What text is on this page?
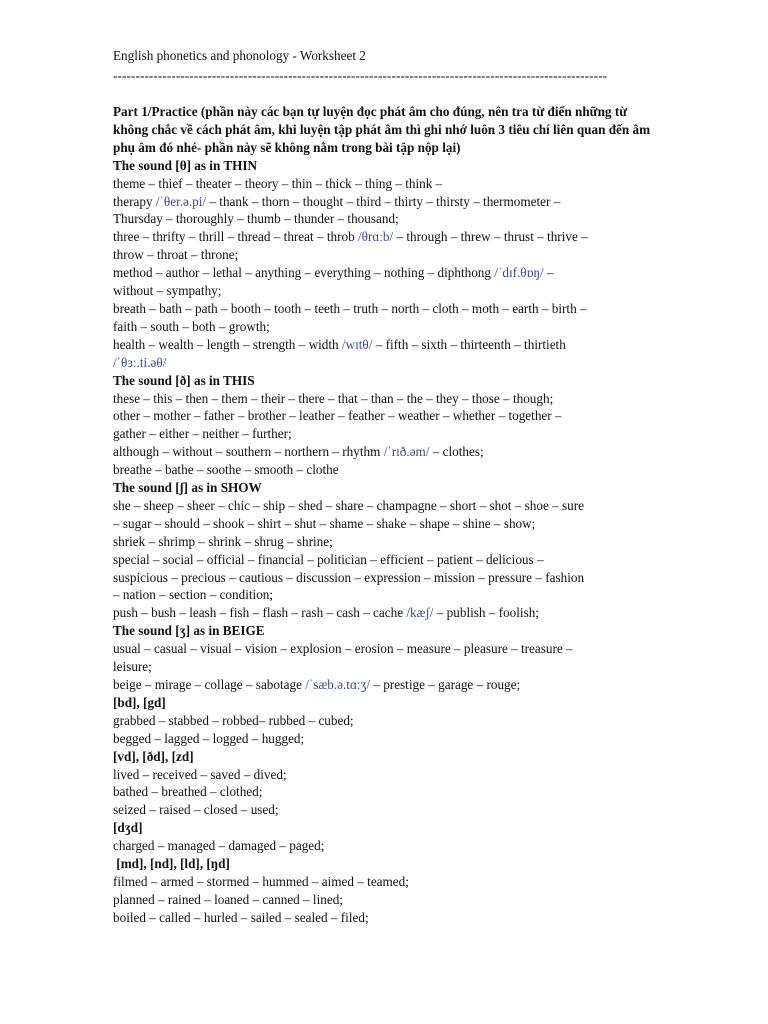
English phonetics and phonology - Worksheet 2

--------------------------------------------------------------------------------------------------------------

Part 1/Practice (phần này các bạn tự luyện đọc phát âm cho đúng, nên tra từ điển những từ không chắc về cách phát âm, khi luyện tập phát âm thì ghi nhớ luôn 3 tiêu chí liên quan đến âm phụ âm đó nhé- phần này sẽ không nằm trong bài tập nộp lại)

The sound [θ] as in THIN

theme – thief – theater – theory – thin – thick – thing – think –

therapy /ˈθer.ə.pi/ – thank – thorn – thought – third – thirty – thirsty – thermometer –

Thursday – thoroughly – thumb – thunder – thousand;

three – thrifty – thrill – thread – threat – throb /θrɑːb/ – through – threw – thrust – thrive –

throw – throat – throne;

method – author – lethal – anything – everything – nothing – diphthong /ˈdɪf.θɒŋ/ –

without – sympathy;

breath – bath – path – booth – tooth – teeth – truth – north – cloth – moth – earth – birth –

faith – south – both – growth;

health – wealth – length – strength – width /wɪtθ/ – fifth – sixth – thirteenth – thirtieth

/ˈθɜː.ti.əθ/

The sound [ð] as in THIS

these – this – then – them – their – there – that – than – the – they – those – though;

other – mother – father – brother – leather – feather – weather – whether – together –

gather – either – neither – further;

although – without – southern – northern – rhythm /ˈrɪð.əm/ – clothes;

breathe – bathe – soothe – smooth – clothe

The sound [ʃ] as in SHOW

she – sheep – sheer – chic – ship – shed – share – champagne – short – shot – shoe – sure

– sugar – should – shook – shirt – shut – shame – shake – shape – shine – show;

shriek – shrimp – shrink – shrug – shrine;

special – social – official – financial – politician – efficient – patient – delicious –

suspicious – precious – cautious – discussion – expression – mission – pressure – fashion

– nation – section – condition;

push – bush – leash – fish – flash – rash – cash – cache /kæʃ/ – publish – foolish;

The sound [ʒ] as in BEIGE

usual – casual – visual – vision – explosion – erosion – measure – pleasure – treasure –

leisure;

beige – mirage – collage – sabotage /ˈsæb.ə.tɑːʒ/ – prestige – garage – rouge;

[bd], [gd]

grabbed – stabbed – robbed– rubbed – cubed;

begged – lagged – logged – hugged;

[vd], [ðd], [zd]

lived – received – saved – dived;

bathed – breathed – clothed;

seized – raised – closed – used;

[dʒd]

charged – managed – damaged – paged;

[md], [nd], [ld], [ŋd]

filmed – armed – stormed – hummed – aimed – teamed;

planned – rained – loaned – canned – lined;

boiled – called – hurled – sailed – sealed – filed;
